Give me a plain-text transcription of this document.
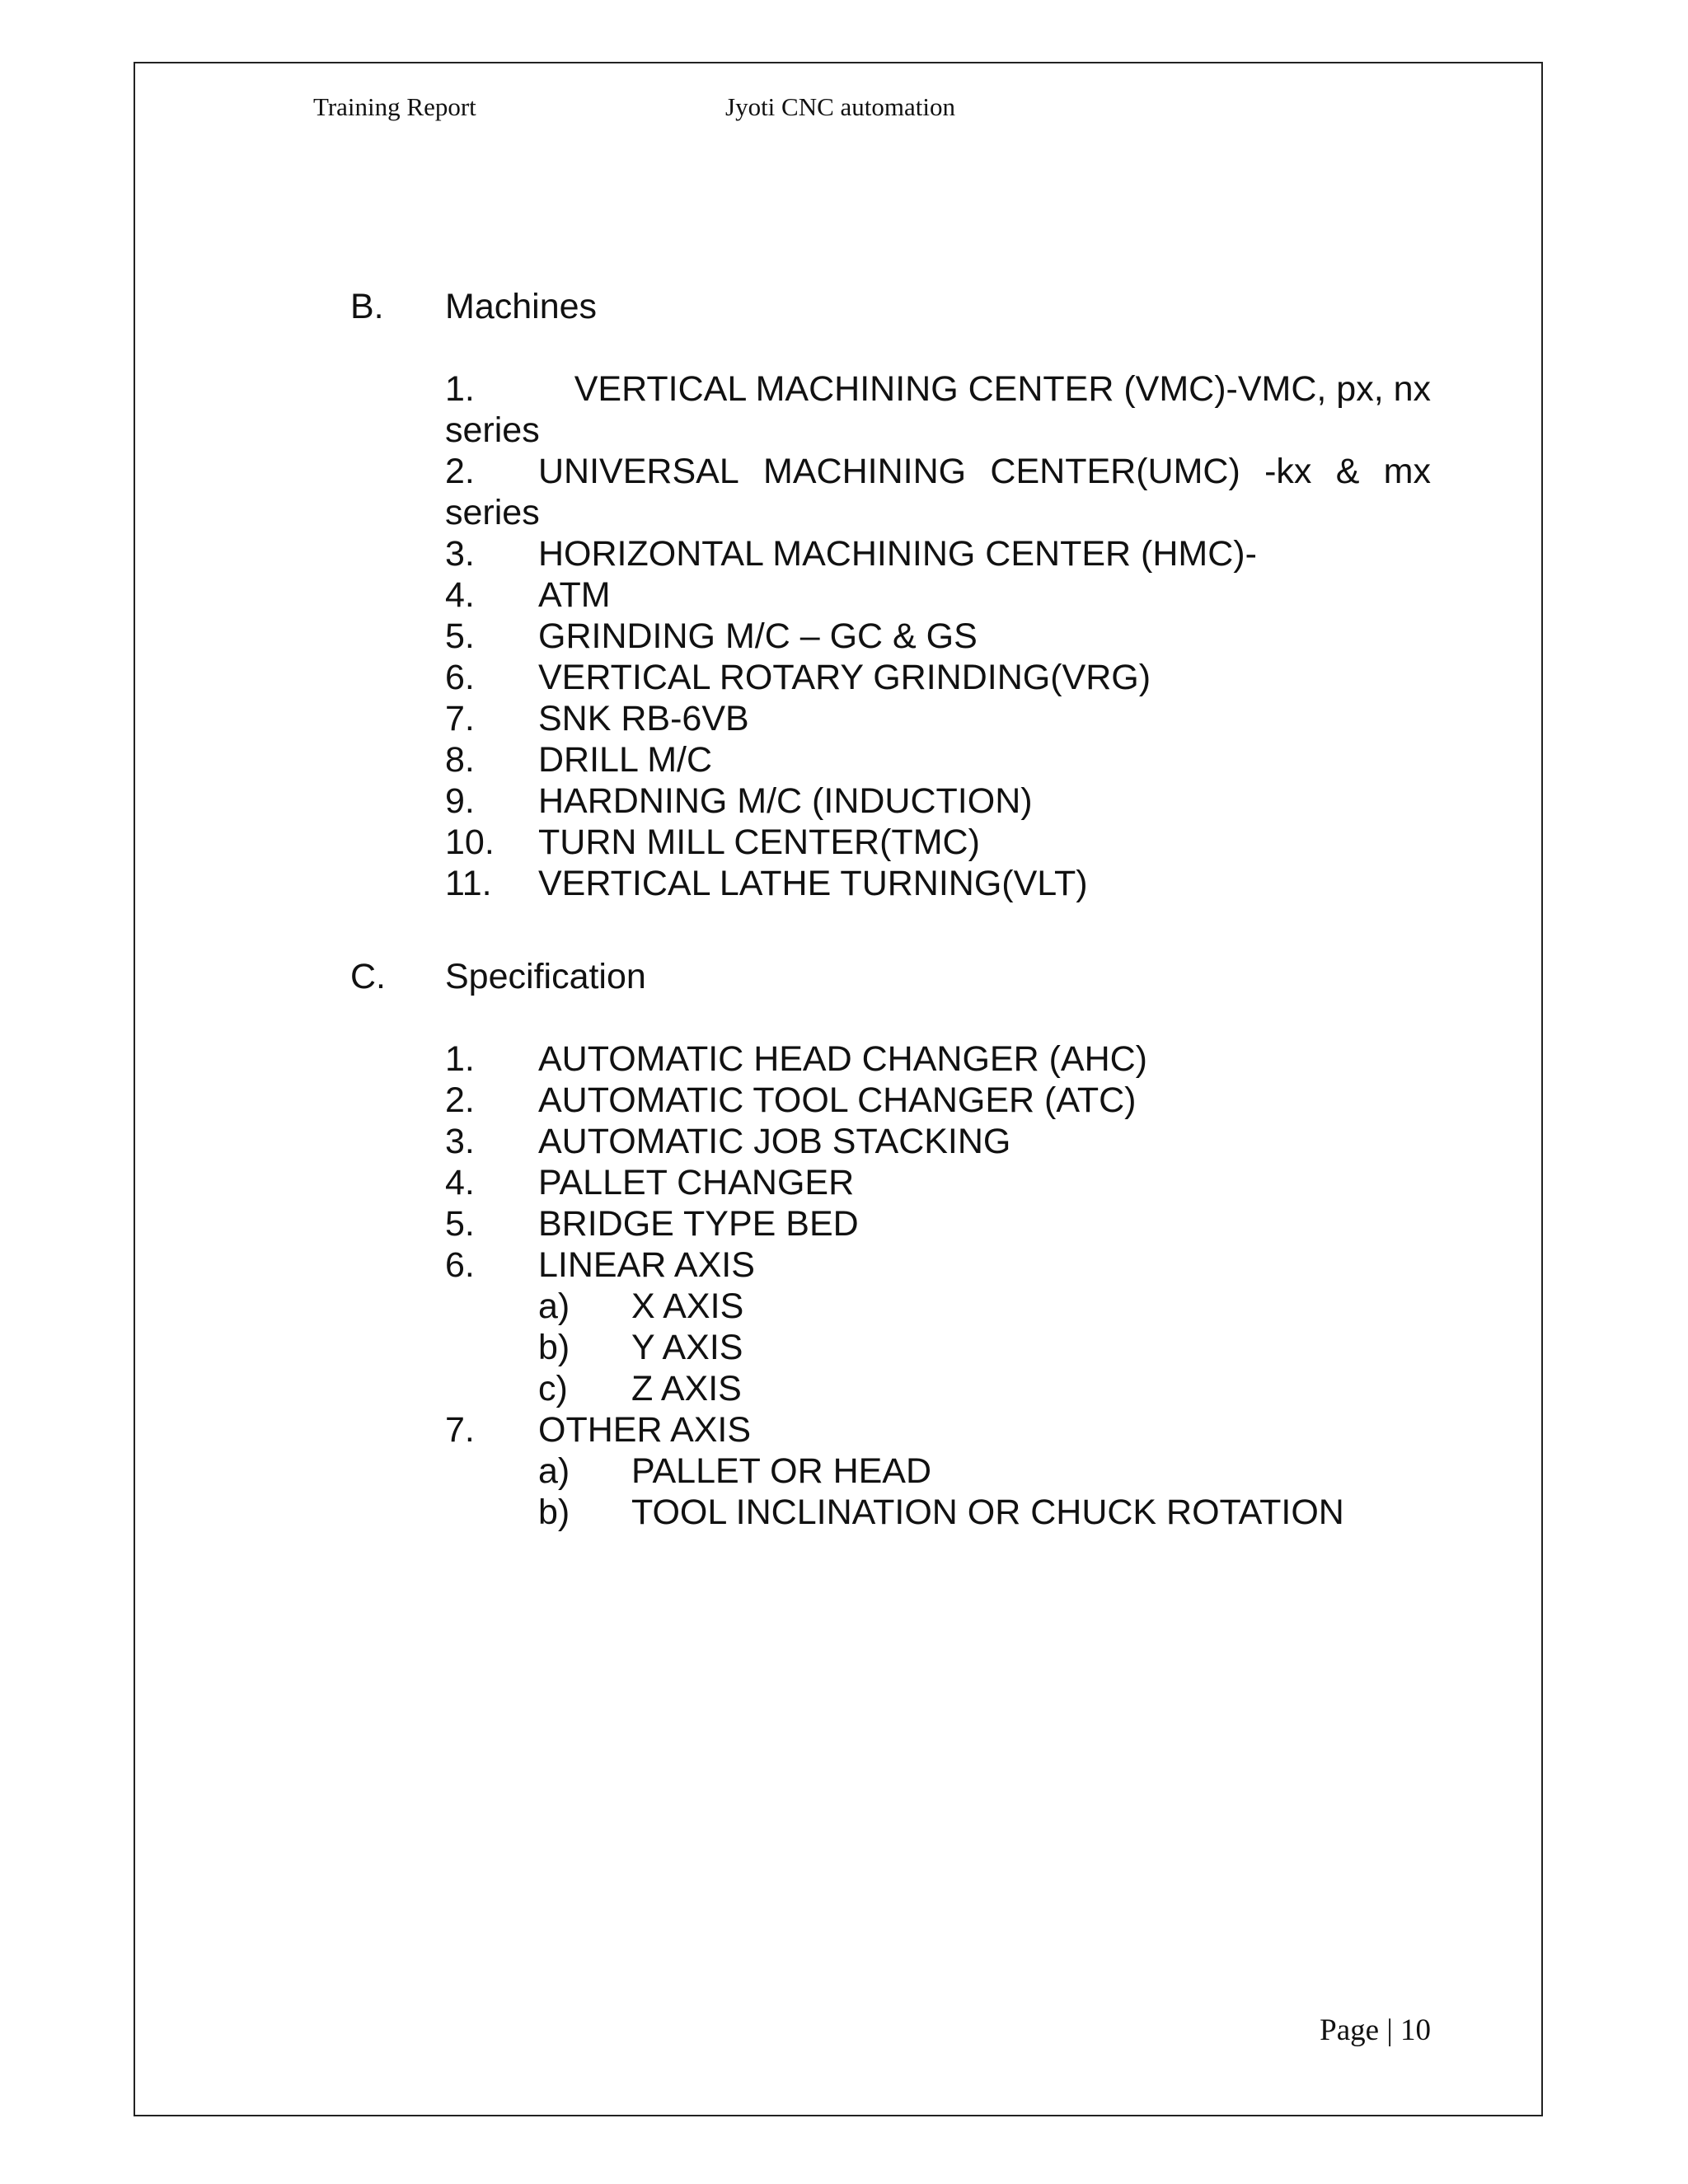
Training Report	Jyoti CNC automation
B. Machines
1.	VERTICAL MACHINING CENTER (VMC)-VMC, px, nx
series
2.	UNIVERSAL MACHINING CENTER(UMC) -kx & mx
series
3. HORIZONTAL MACHINING CENTER (HMC)-
4. ATM
5. GRINDING M/C – GC & GS
6. VERTICAL ROTARY GRINDING(VRG)
7. SNK RB-6VB
8. DRILL M/C
9. HARDNING M/C (INDUCTION)
10. TURN MILL CENTER(TMC)
11. VERTICAL LATHE TURNING(VLT)
C. Specification
1. AUTOMATIC HEAD CHANGER (AHC)
2. AUTOMATIC TOOL CHANGER (ATC)
3. AUTOMATIC JOB STACKING
4. PALLET CHANGER
5. BRIDGE TYPE BED
6. LINEAR AXIS
a) X AXIS
b) Y AXIS
c) Z AXIS
7. OTHER AXIS
a) PALLET OR HEAD
b) TOOL INCLINATION OR CHUCK ROTATION
Page | 10
